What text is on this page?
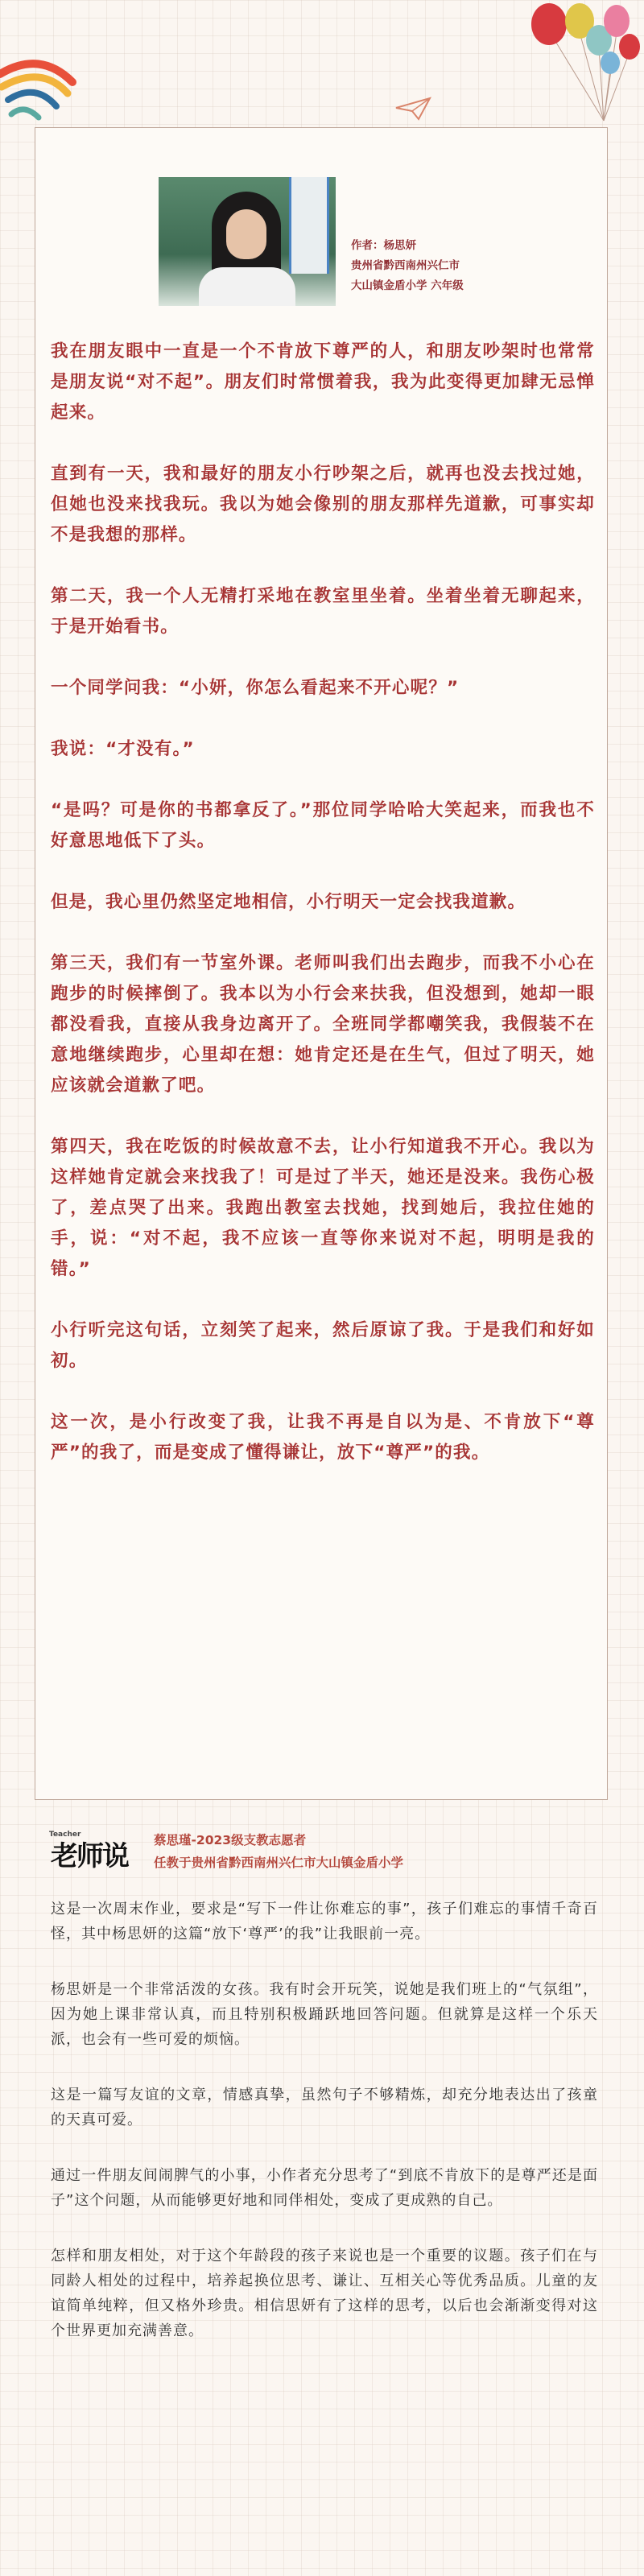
作者：杨思妍
贵州省黔西南州兴仁市
大山镇金盾小学 六年级

我在朋友眼中一直是一个不肯放下尊严的人，和朋友吵架时也常常是朋友说“对不起”。朋友们时常惯着我，我为此变得更加肆无忌惮起来。

直到有一天，我和最好的朋友小行吵架之后，就再也没去找过她，但她也没来找我玩。我以为她会像别的朋友那样先道歉，可事实却不是我想的那样。

第二天，我一个人无精打采地在教室里坐着。坐着坐着无聊起来，于是开始看书。

一个同学问我：“小妍，你怎么看起来不开心呢？”

我说：“才没有。”

“是吗？可是你的书都拿反了。”那位同学哈哈大笑起来，而我也不好意思地低下了头。

但是，我心里仍然坚定地相信，小行明天一定会找我道歉。

第三天，我们有一节室外课。老师叫我们出去跑步，而我不小心在跑步的时候摔倒了。我本以为小行会来扶我，但没想到，她却一眼都没看我，直接从我身边离开了。全班同学都嘲笑我，我假装不在意地继续跑步，心里却在想：她肯定还是在生气，但过了明天，她应该就会道歉了吧。

第四天，我在吃饭的时候故意不去，让小行知道我不开心。我以为这样她肯定就会来找我了！可是过了半天，她还是没来。我伤心极了，差点哭了出来。我跑出教室去找她，找到她后，我拉住她的手，说：“对不起，我不应该一直等你来说对不起，明明是我的错。”

小行听完这句话，立刻笑了起来，然后原谅了我。于是我们和好如初。

这一次，是小行改变了我，让我不再是自以为是、不肯放下“尊严”的我了，而是变成了懂得谦让，放下“尊严”的我。

Teacher
老师说 蔡思瑾-2023级支教志愿者
任教于贵州省黔西南州兴仁市大山镇金盾小学

这是一次周末作业，要求是“写下一件让你难忘的事”，孩子们难忘的事情千奇百怪，其中杨思妍的这篇“放下‘尊严’的我”让我眼前一亮。

杨思妍是一个非常活泼的女孩。我有时会开玩笑，说她是我们班上的“气氛组”，因为她上课非常认真，而且特别积极踊跃地回答问题。但就算是这样一个乐天派，也会有一些可爱的烦恼。

这是一篇写友谊的文章，情感真挚，虽然句子不够精炼，却充分地表达出了孩童的天真可爱。

通过一件朋友间闹脾气的小事，小作者充分思考了“到底不肯放下的是尊严还是面子”这个问题，从而能够更好地和同伴相处，变成了更成熟的自己。

怎样和朋友相处，对于这个年龄段的孩子来说也是一个重要的议题。孩子们在与同龄人相处的过程中，培养起换位思考、谦让、互相关心等优秀品质。儿童的友谊简单纯粹，但又格外珍贵。相信思妍有了这样的思考，以后也会渐渐变得对这个世界更加充满善意。
